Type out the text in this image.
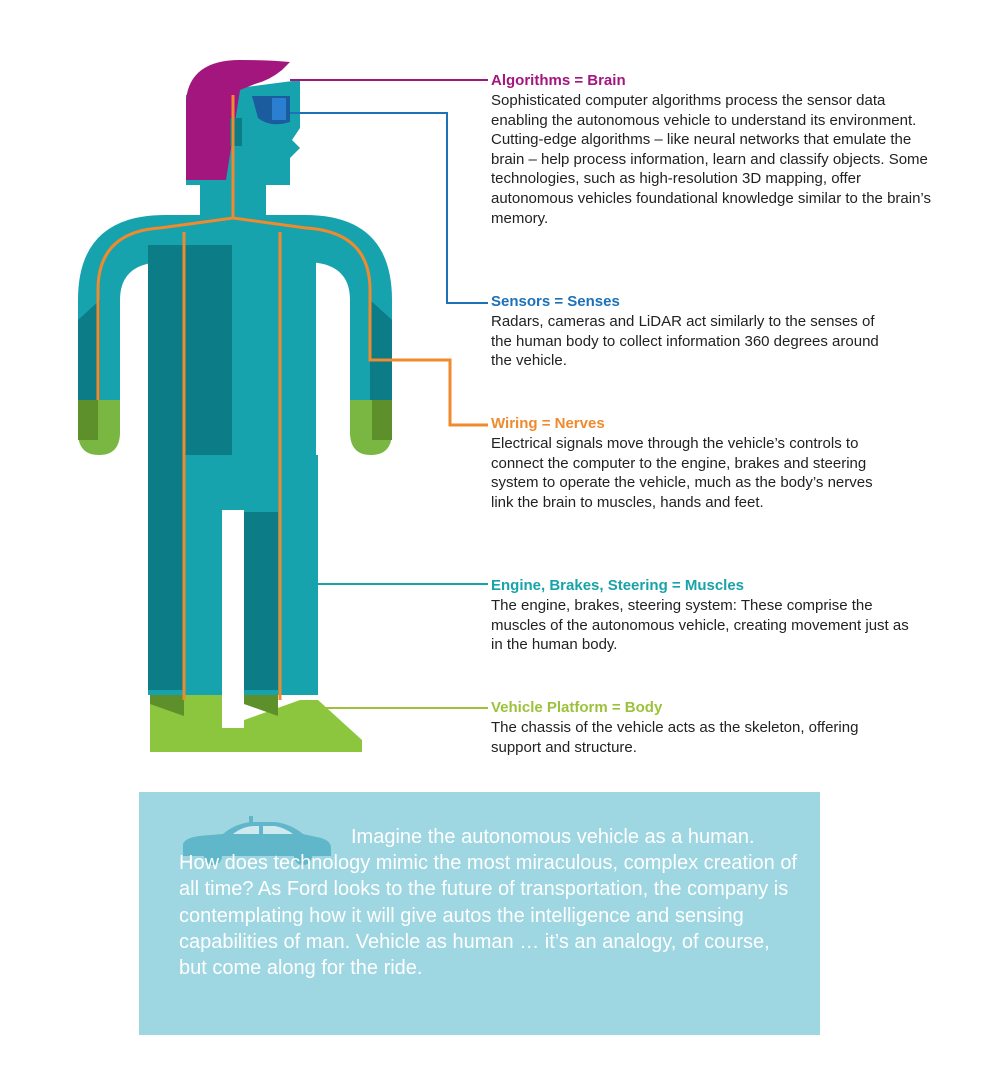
Algorithms = Brain

Sophisticated computer algorithms process the sensor data enabling the autonomous vehicle to understand its environment. Cutting-edge algorithms – like neural networks that emulate the brain – help process information, learn and classify objects. Some technologies, such as high-resolution 3D mapping, offer autonomous vehicles foundational knowledge similar to the brain’s memory.

Sensors = Senses

Radars, cameras and LiDAR act similarly to the senses of the human body to collect information 360 degrees around the vehicle.

Wiring = Nerves

Electrical signals move through the vehicle’s controls to connect the computer to the engine, brakes and steering system to operate the vehicle, much as the body’s nerves link the brain to muscles, hands and feet.

Engine, Brakes, Steering = Muscles

The engine, brakes, steering system: These comprise the muscles of the autonomous vehicle, creating movement just as in the human body.

Vehicle Platform = Body

The chassis of the vehicle acts as the skeleton, offering support and structure.

Imagine the autonomous vehicle as a human. How does technology mimic the most miraculous, complex creation of all time? As Ford looks to the future of transportation, the company is contemplating how it will give autos the intelligence and sensing capabilities of man. Vehicle as human … it’s an analogy, of course, but come along for the ride.
